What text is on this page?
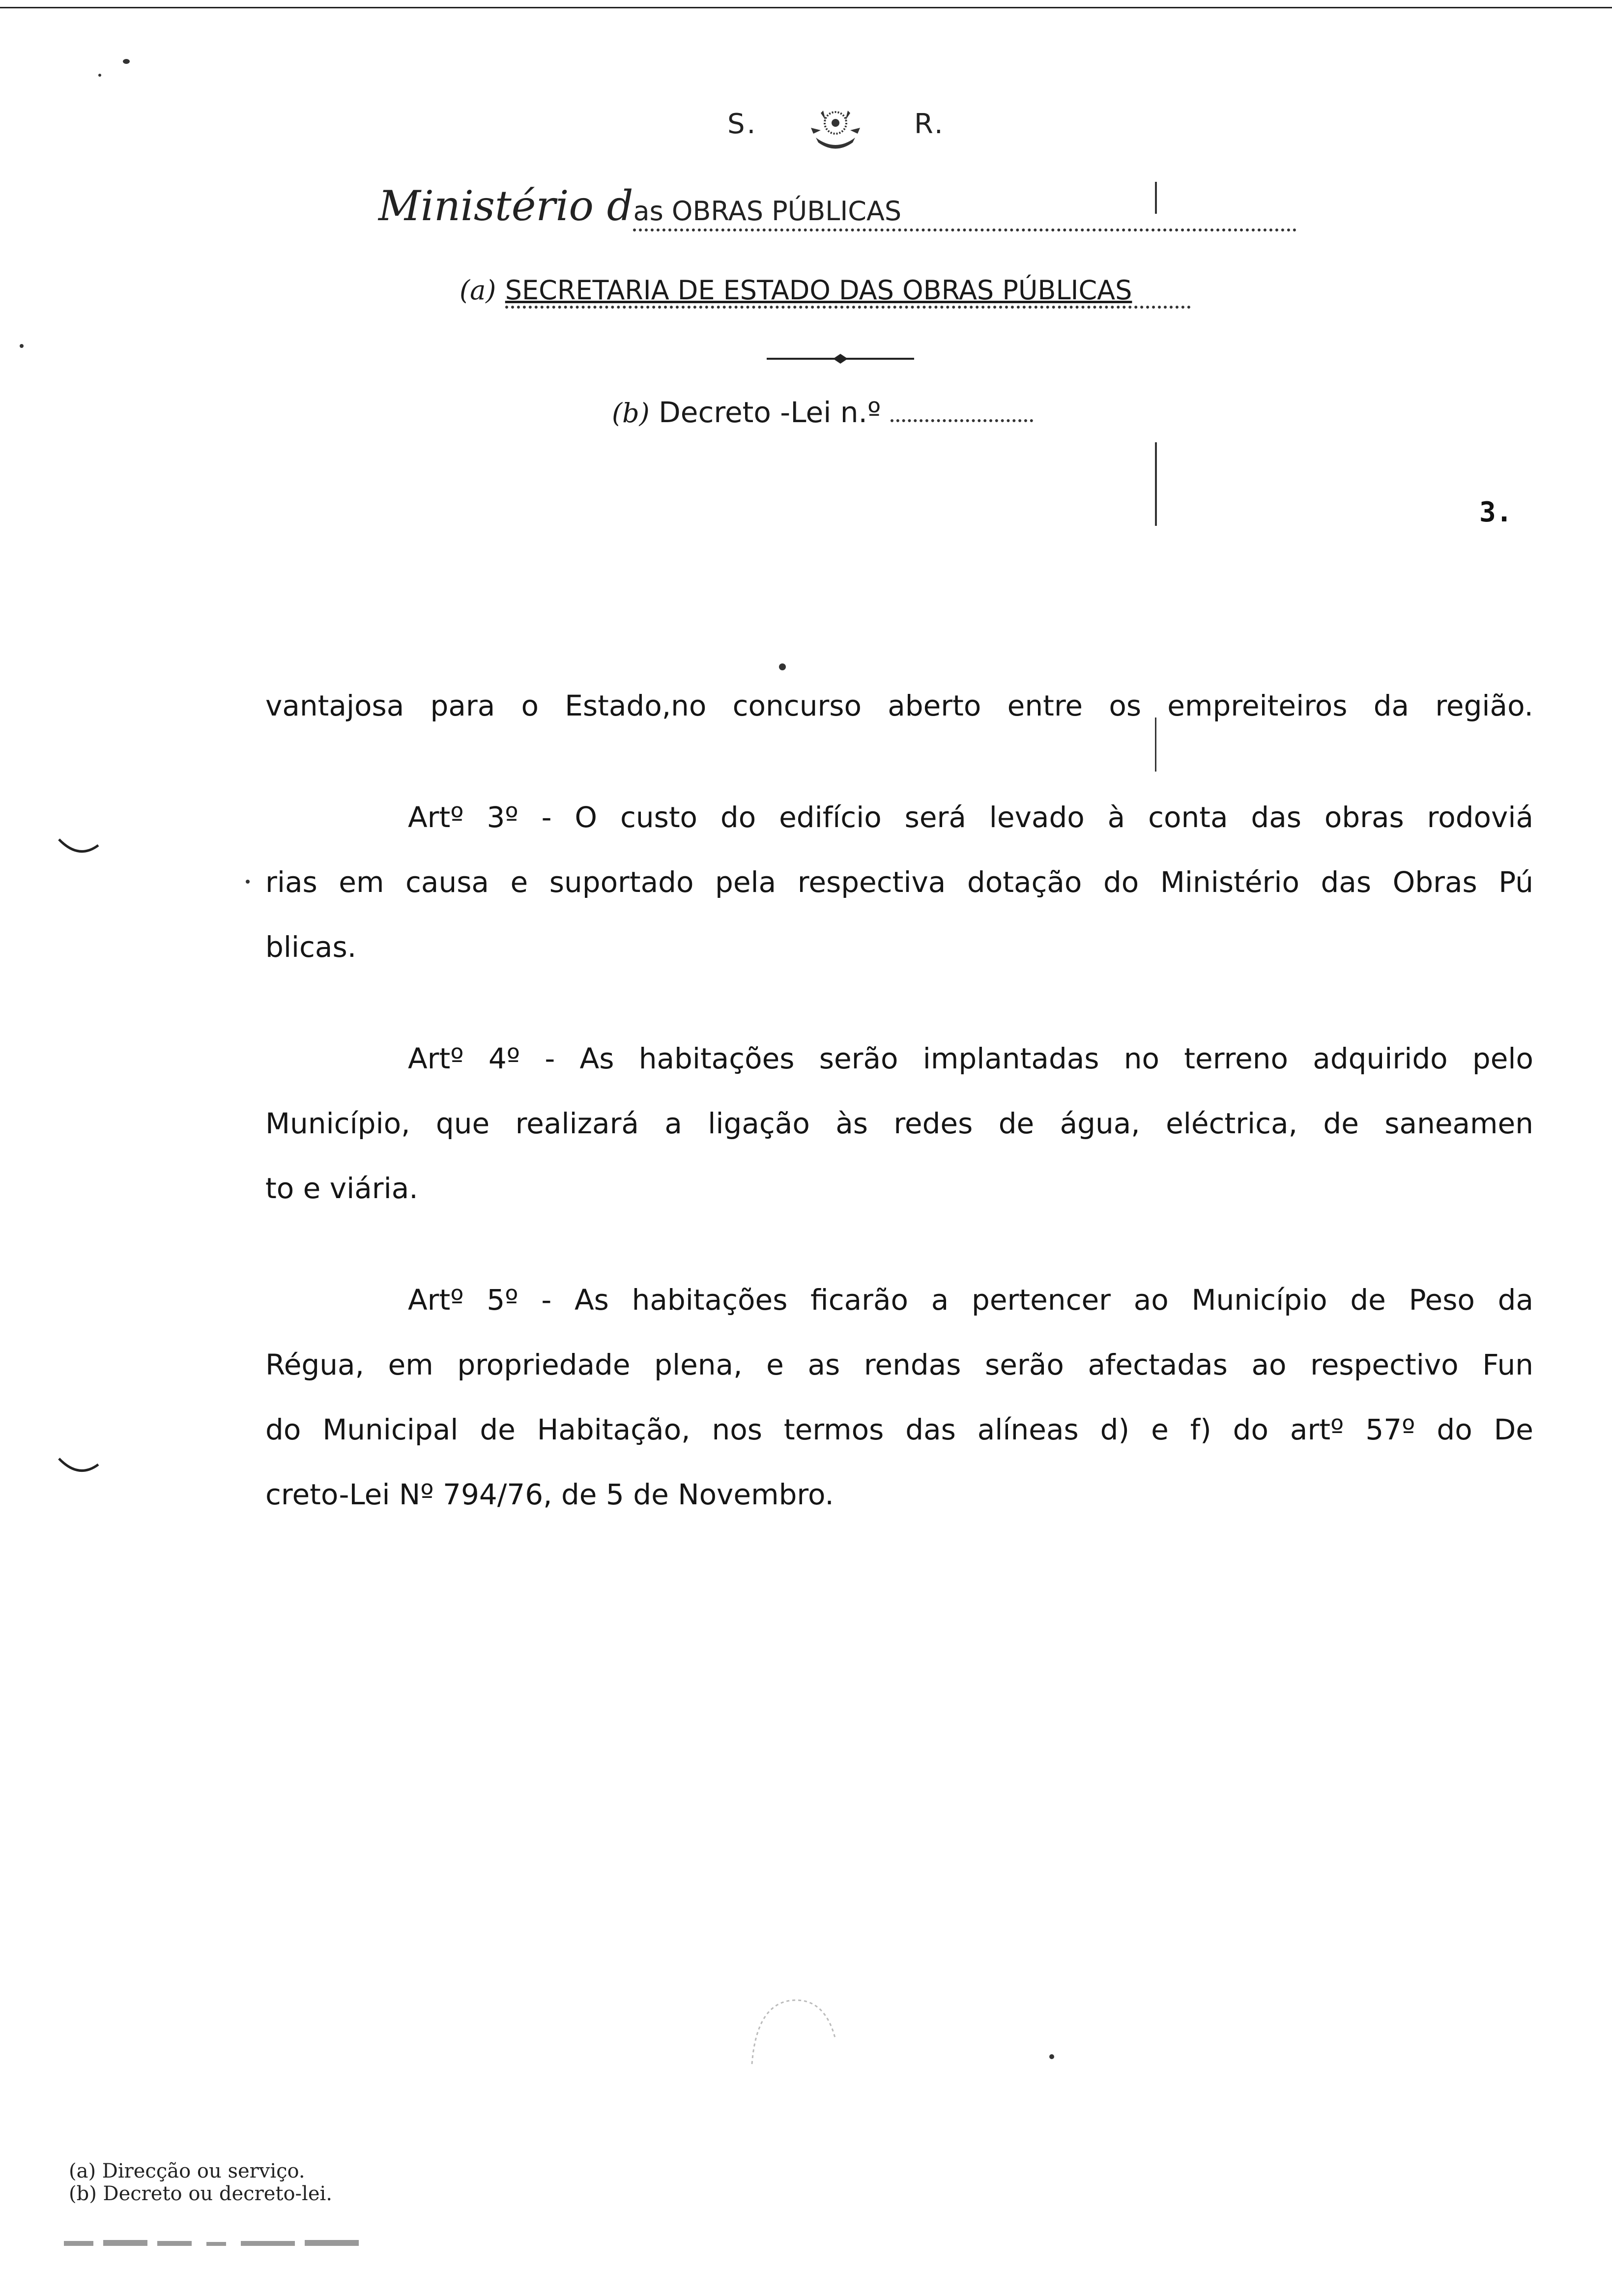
S.	R.
Ministério das OBRAS PÚBLICAS
(a) SECRETARIA DE ESTADO DAS OBRAS PÚBLICAS
(b) Decreto -Lei n.º
3.
vantajosa para o Estado,no concurso aberto entre os empreiteiros da região.
Artº 3º - O custo do edifício será levado à conta das obras rodoviá
rias em causa e suportado pela respectiva dotação do Ministério das Obras Pú
blicas.
Artº 4º - As habitações serão implantadas no terreno adquirido pelo
Município, que realizará a ligação às redes de água, eléctrica, de saneamen
to e viária.
Artº 5º - As habitações ficarão a pertencer ao Município de Peso da
Régua, em propriedade plena, e as rendas serão afectadas ao respectivo Fun
do Municipal de Habitação, nos termos das alíneas d) e f) do artº 57º do De
creto-Lei Nº 794/76, de 5 de Novembro.
(a) Direcção ou serviço.
(b) Decreto ou decreto-lei.
